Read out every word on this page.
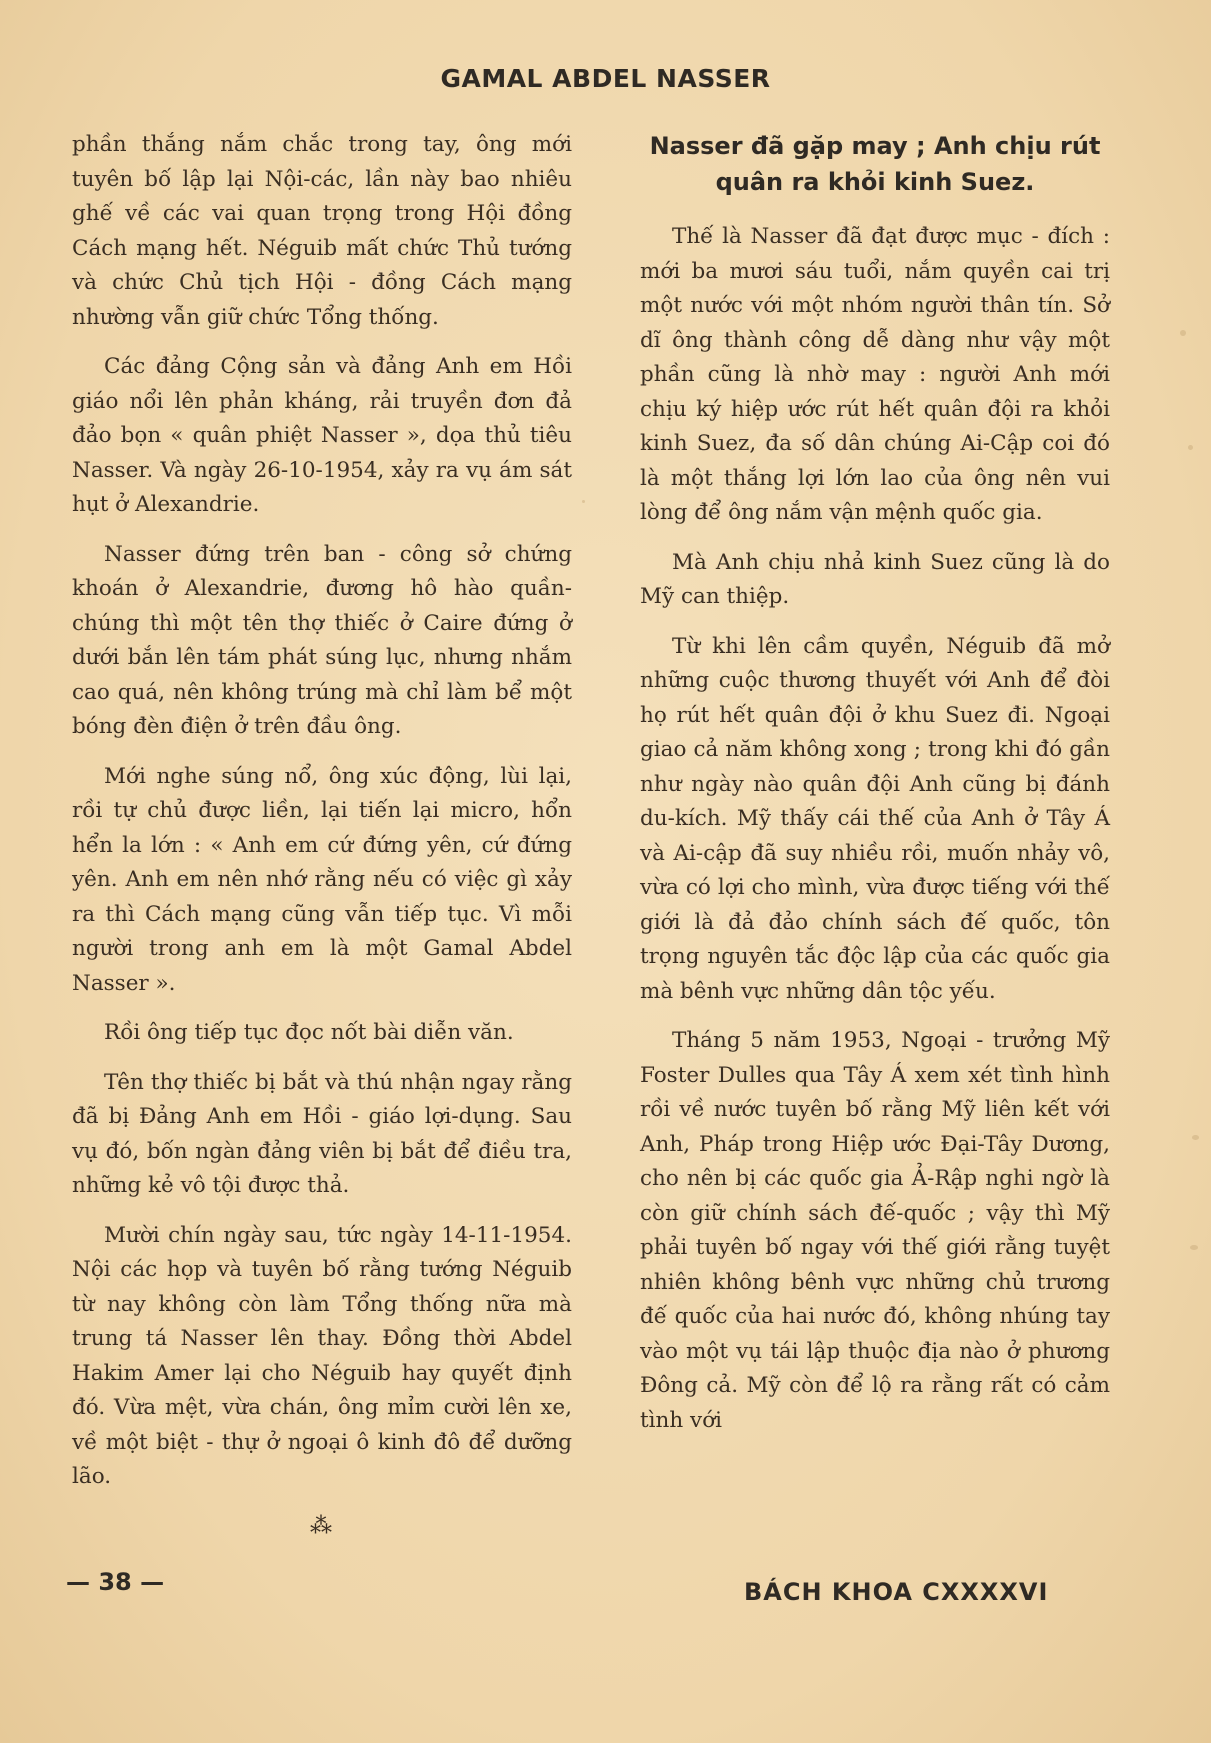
GAMAL ABDEL NASSER

phần thắng nắm chắc trong tay, ông mới tuyên bố lập lại Nội-các, lần này bao nhiêu ghế về các vai quan trọng trong Hội đồng Cách mạng hết. Néguib mất chức Thủ tướng và chức Chủ tịch Hội - đồng Cách mạng nhường vẫn giữ chức Tổng thống.

Các đảng Cộng sản và đảng Anh em Hồi giáo nổi lên phản kháng, rải truyền đơn đả đảo bọn « quân phiệt Nasser », dọa thủ tiêu Nasser. Và ngày 26-10-1954, xảy ra vụ ám sát hụt ở Alexandrie.

Nasser đứng trên ban - công sở chứng khoán ở Alexandrie, đương hô hào quần-chúng thì một tên thợ thiếc ở Caire đứng ở dưới bắn lên tám phát súng lục, nhưng nhắm cao quá, nên không trúng mà chỉ làm bể một bóng đèn điện ở trên đầu ông.

Mới nghe súng nổ, ông xúc động, lùi lại, rồi tự chủ được liền, lại tiến lại micro, hổn hển la lớn : « Anh em cứ đứng yên, cứ đứng yên. Anh em nên nhớ rằng nếu có việc gì xảy ra thì Cách mạng cũng vẫn tiếp tục. Vì mỗi người trong anh em là một Gamal Abdel Nasser ».

Rồi ông tiếp tục đọc nốt bài diễn văn.

Tên thợ thiếc bị bắt và thú nhận ngay rằng đã bị Đảng Anh em Hồi - giáo lợi-dụng. Sau vụ đó, bốn ngàn đảng viên bị bắt để điều tra, những kẻ vô tội được thả.

Mười chín ngày sau, tức ngày 14-11-1954. Nội các họp và tuyên bố rằng tướng Néguib từ nay không còn làm Tổng thống nữa mà trung tá Nasser lên thay. Đồng thời Abdel Hakim Amer lại cho Néguib hay quyết định đó. Vừa mệt, vừa chán, ông mỉm cười lên xe, về một biệt - thự ở ngoại ô kinh đô để dưỡng lão.

⁂
Nasser đã gặp may ; Anh chịu rút quân ra khỏi kinh Suez.

Thế là Nasser đã đạt được mục - đích : mới ba mươi sáu tuổi, nắm quyền cai trị một nước với một nhóm người thân tín. Sở dĩ ông thành công dễ dàng như vậy một phần cũng là nhờ may : người Anh mới chịu ký hiệp ước rút hết quân đội ra khỏi kinh Suez, đa số dân chúng Ai-Cập coi đó là một thắng lợi lớn lao của ông nên vui lòng để ông nắm vận mệnh quốc gia.

Mà Anh chịu nhả kinh Suez cũng là do Mỹ can thiệp.

Từ khi lên cầm quyền, Néguib đã mở những cuộc thương thuyết với Anh để đòi họ rút hết quân đội ở khu Suez đi. Ngoại giao cả năm không xong ; trong khi đó gần như ngày nào quân đội Anh cũng bị đánh du-kích. Mỹ thấy cái thế của Anh ở Tây Á và Ai-cập đã suy nhiều rồi, muốn nhảy vô, vừa có lợi cho mình, vừa được tiếng với thế giới là đả đảo chính sách đế quốc, tôn trọng nguyên tắc độc lập của các quốc gia mà bênh vực những dân tộc yếu.

Tháng 5 năm 1953, Ngoại - trưởng Mỹ Foster Dulles qua Tây Á xem xét tình hình rồi về nước tuyên bố rằng Mỹ liên kết với Anh, Pháp trong Hiệp ước Đại-Tây Dương, cho nên bị các quốc gia Ả-Rập nghi ngờ là còn giữ chính sách đế-quốc ; vậy thì Mỹ phải tuyên bố ngay với thế giới rằng tuyệt nhiên không bênh vực những chủ trương đế quốc của hai nước đó, không nhúng tay vào một vụ tái lập thuộc địa nào ở phương Đông cả. Mỹ còn để lộ ra rằng rất có cảm tình với

— 38 —	BÁCH KHOA CXXXXVI
